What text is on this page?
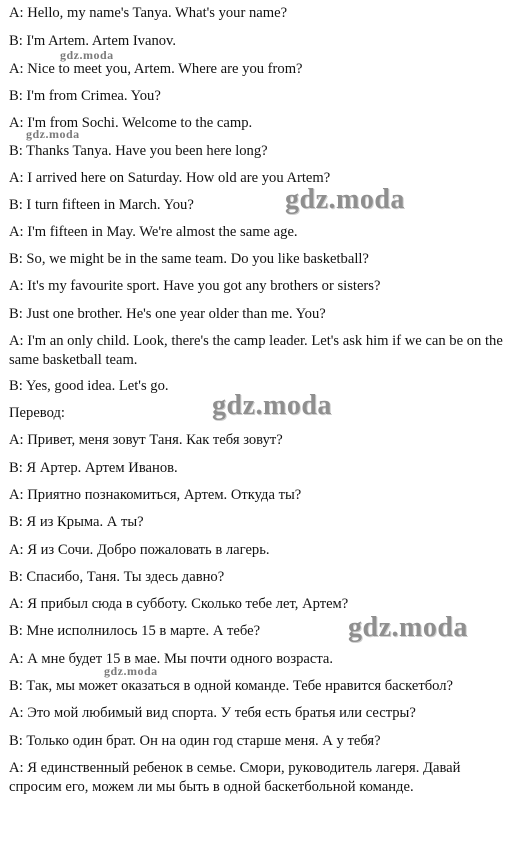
A: Hello, my name's Tanya. What's your name?

B: I'm Artem. Artem Ivanov.

A: Nice to meet you, Artem. Where are you from?

B: I'm from Crimea. You?

A: I'm from Sochi. Welcome to the camp.

B: Thanks Tanya. Have you been here long?

A: I arrived here on Saturday. How old are you Artem?

B: I turn fifteen in March. You?

A: I'm fifteen in May. We're almost the same age.

B: So, we might be in the same team. Do you like basketball?

A: It's my favourite sport. Have you got any brothers or sisters?

B: Just one brother. He's one year older than me. You?

A: I'm an only child. Look, there's the camp leader. Let's ask him if we can be on the same basketball team.

B: Yes, good idea. Let's go.

Перевод:

А: Привет, меня зовут Таня. Как тебя зовут?

В: Я Артер. Артем Иванов.

А: Приятно познакомиться, Артем. Откуда ты?

В: Я из Крыма. А ты?

А: Я из Сочи. Добро пожаловать в лагерь.

В: Спасибо, Таня. Ты здесь давно?

А: Я прибыл сюда в субботу. Сколько тебе лет, Артем?

В: Мне исполнилось 15 в марте. А тебе?

А: А мне будет 15 в мае. Мы почти одного возраста.

В: Так, мы может оказаться в одной команде. Тебе нравится баскетбол?

А: Это мой любимый вид спорта. У тебя есть братья или сестры?

В: Только один брат. Он на один год старше меня. А у тебя?

А: Я единственный ребенок в семье. Смори, руководитель лагеря. Давай спросим его, можем ли мы быть в одной баскетбольной команде.

gdz.moda
gdz.moda
gdz.moda
gdz.moda
gdz.moda
gdz.moda
